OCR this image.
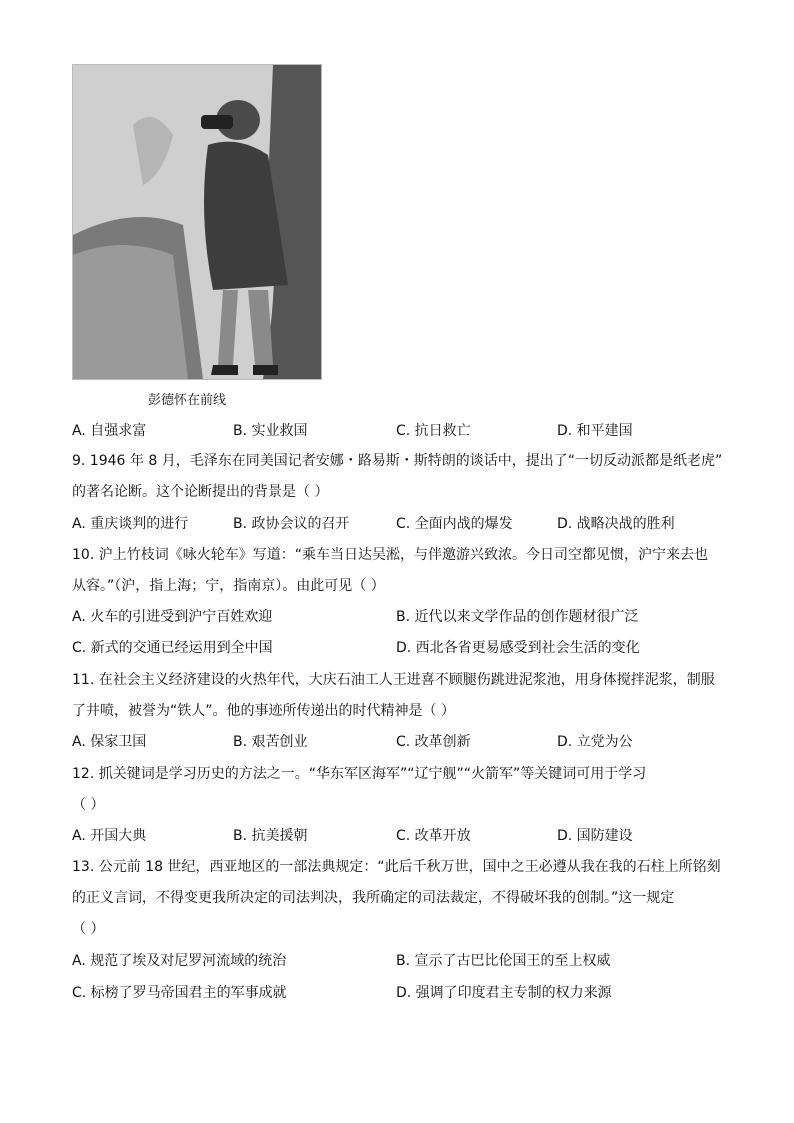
彭德怀在前线
A. 自强求富	B. 实业救国	C. 抗日救亡	D. 和平建国
9. 1946 年 8 月，毛泽东在同美国记者安娜・路易斯・斯特朗的谈话中，提出了“一切反动派都是纸老虎”
的著名论断。这个论断提出的背景是（ ）
A. 重庆谈判的进行	B. 政协会议的召开	C. 全面内战的爆发	D. 战略决战的胜利
10. 沪上竹枝词《咏火轮车》写道：“乘车当日达吴淞，与伴邀游兴致浓。今日司空都见惯，沪宁来去也
从容。”（沪，指上海；宁，指南京）。由此可见（ ）
A. 火车的引进受到沪宁百姓欢迎	B. 近代以来文学作品的创作题材很广泛
C. 新式的交通已经运用到全中国	D. 西北各省更易感受到社会生活的变化
11. 在社会主义经济建设的火热年代，大庆石油工人王进喜不顾腿伤跳进泥浆池，用身体搅拌泥浆，制服
了井喷，被誉为“铁人”。他的事迹所传递出的时代精神是（ ）
A. 保家卫国	B. 艰苦创业	C. 改革创新	D. 立党为公
12. 抓关键词是学习历史的方法之一。“华东军区海军”“辽宁舰”“火箭军”等关键词可用于学习
（ ）
A. 开国大典	B. 抗美援朝	C. 改革开放	D. 国防建设
13. 公元前 18 世纪，西亚地区的一部法典规定：“此后千秋万世，国中之王必遵从我在我的石柱上所铭刻
的正义言词，不得变更我所决定的司法判决，我所确定的司法裁定，不得破坏我的创制。”这一规定
（ ）
A. 规范了埃及对尼罗河流域的统治	B. 宣示了古巴比伦国王的至上权威
C. 标榜了罗马帝国君主的军事成就	D. 强调了印度君主专制的权力来源
